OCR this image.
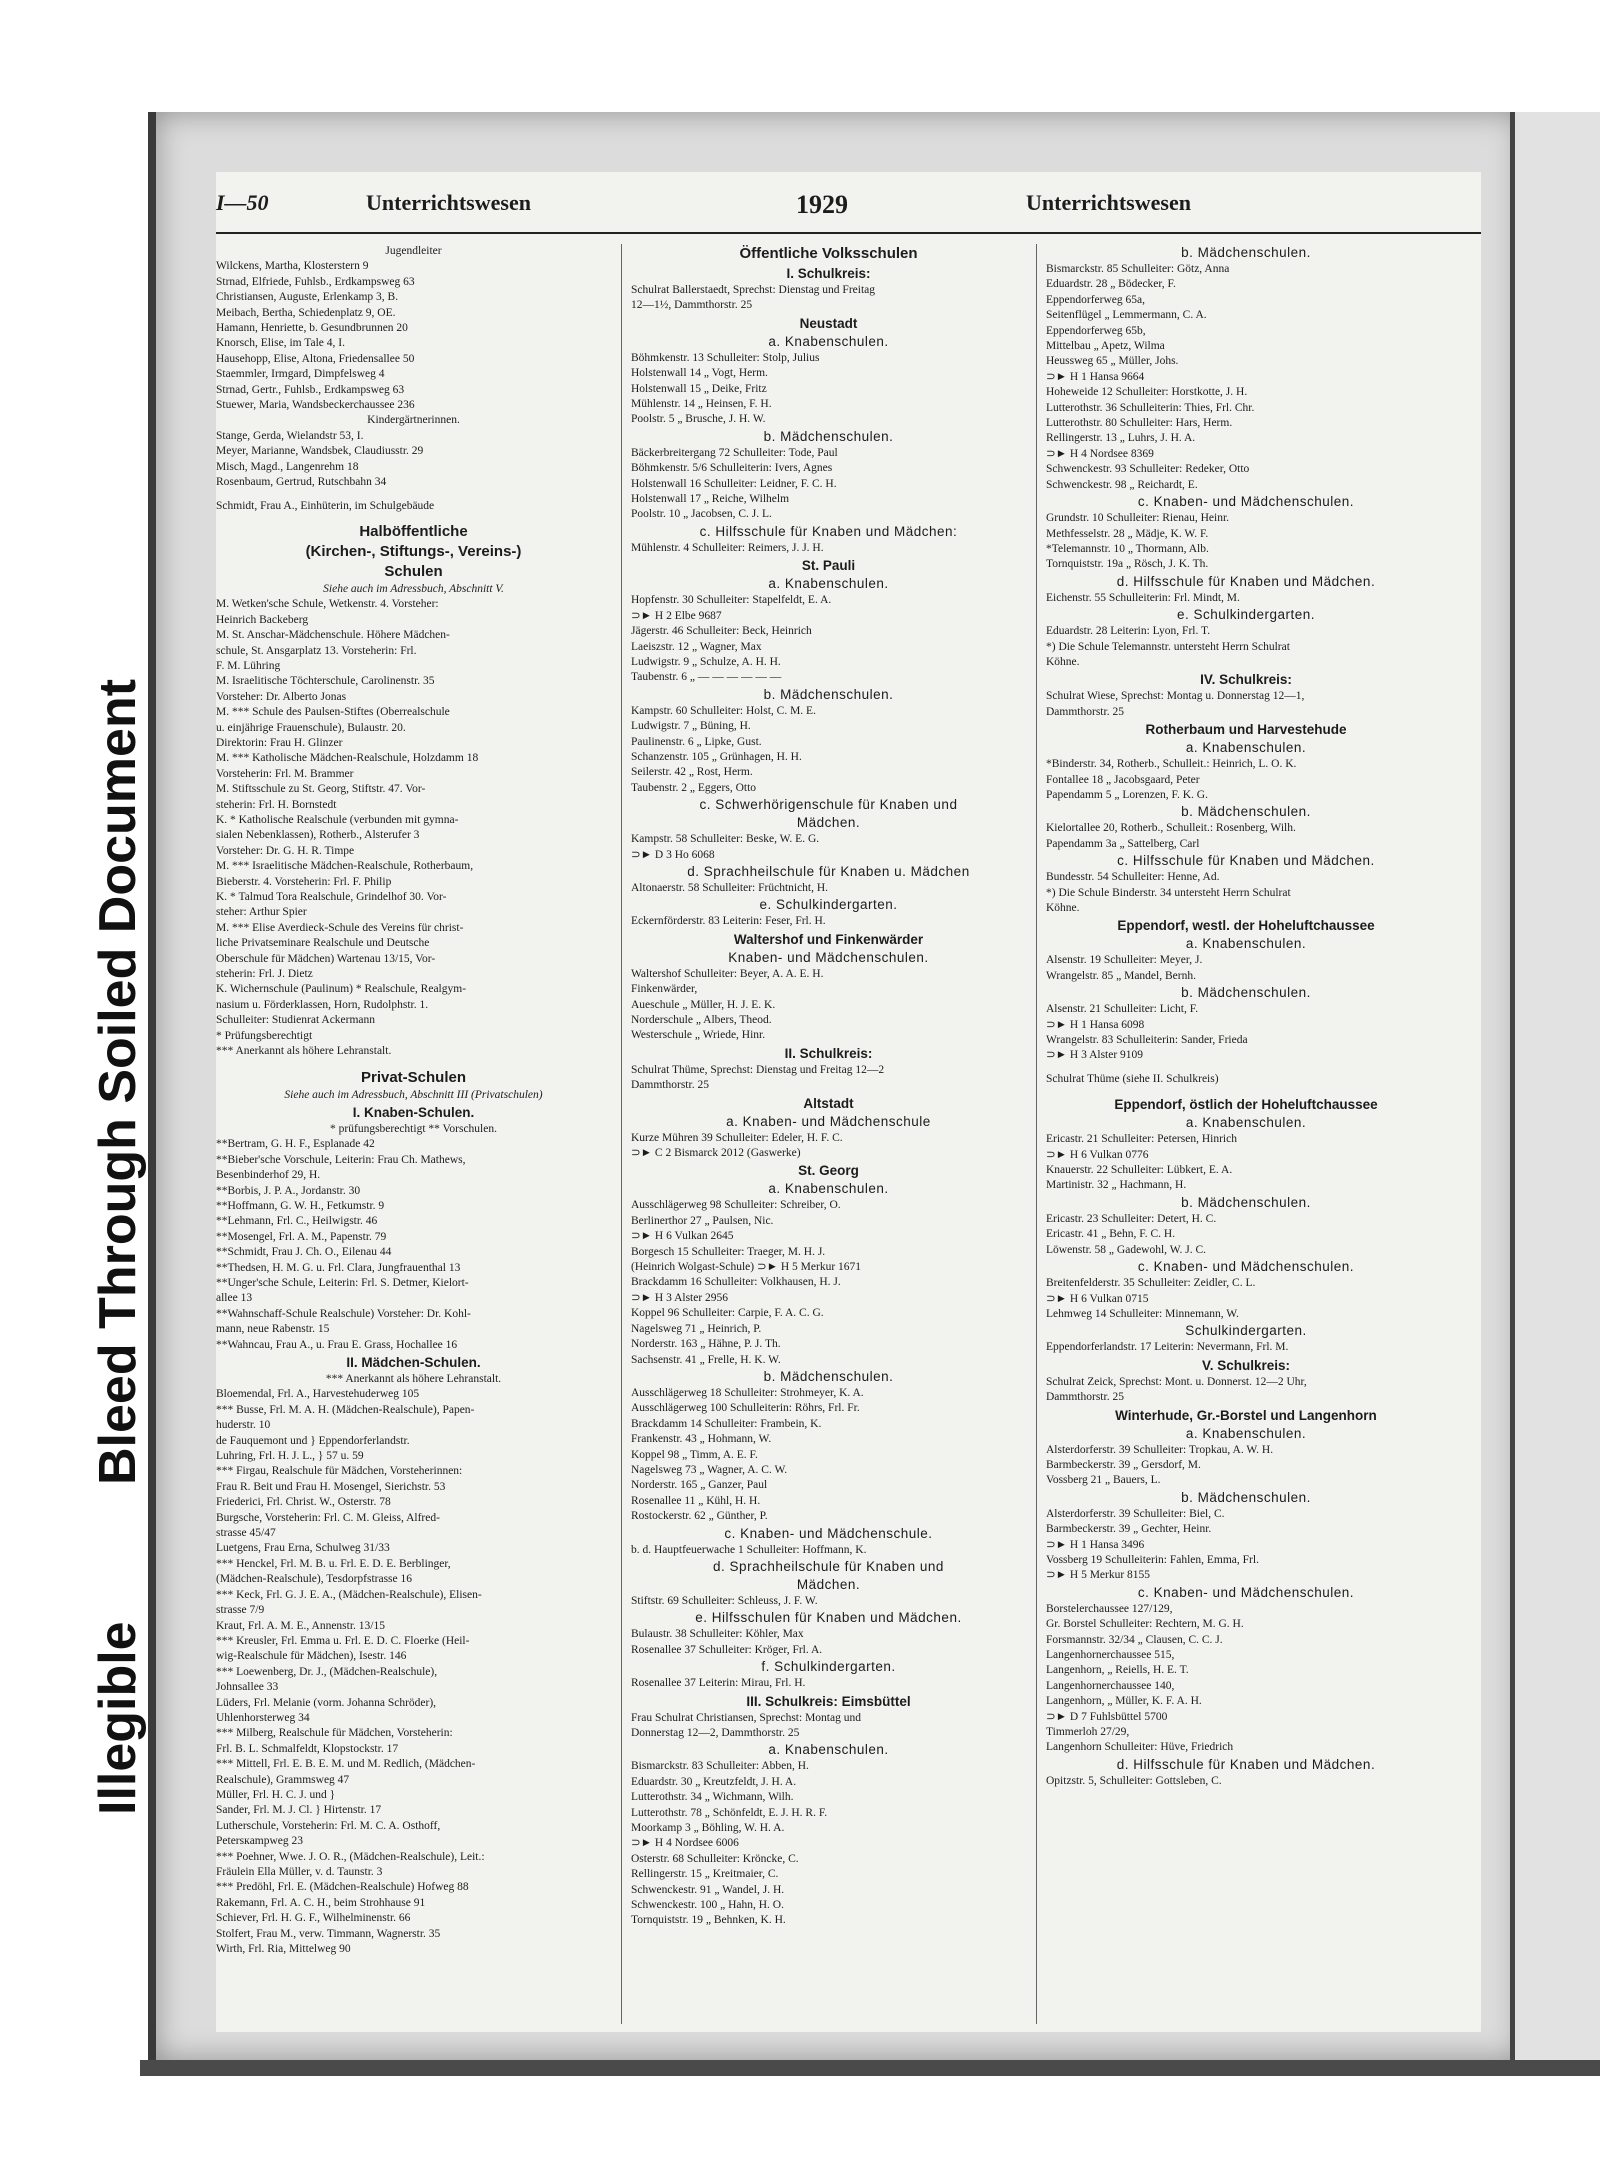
Illegible
Bleed Through Soiled Document
I—50	Unterrichtswesen	1929	Unterrichtswesen
Jugendleiter
Wilckens, Martha, Klosterstern 9
Strnad, Elfriede, Fuhlsb., Erdkampsweg 63
Christiansen, Auguste, Erlenkamp 3, B.
Meibach, Bertha, Schiedenplatz 9, OE.
Hamann, Henriette, b. Gesundbrunnen 20
Knorsch, Elise, im Tale 4, I.
Hausehopp, Elise, Altona, Friedensallee 50
Staemmler, Irmgard, Dimpfelsweg 4
Strnad, Gertr., Fuhlsb., Erdkampsweg 63
Stuewer, Maria, Wandsbeckerchaussee 236
Kindergärtnerinnen.
Stange, Gerda, Wielandstr 53, I.
Meyer, Marianne, Wandsbek, Claudiusstr. 29
Misch, Magd., Langenrehm 18
Rosenbaum, Gertrud, Rutschbahn 34
Schmidt, Frau A., Einhüterin, im Schulgebäude
Halböffentliche
(Kirchen-, Stiftungs-, Vereins-)
Schulen
Siehe auch im Adressbuch, Abschnitt V.
M. Wetken'sche Schule, Wetkenstr. 4. Vorsteher:
Heinrich Backeberg
M. St. Anschar-Mädchenschule. Höhere Mädchen-
schule, St. Ansgarplatz 13. Vorsteherin: Frl.
F. M. Lühring
M. Israelitische Töchterschule, Carolinenstr. 35
Vorsteher: Dr. Alberto Jonas
M. *** Schule des Paulsen-Stiftes (Oberrealschule
u. einjährige Frauenschule), Bulaustr. 20.
Direktorin: Frau H. Glinzer
M. *** Katholische Mädchen-Realschule, Holzdamm 18
Vorsteherin: Frl. M. Brammer
M. Stiftsschule zu St. Georg, Stiftstr. 47. Vor-
steherin: Frl. H. Bornstedt
K. * Katholische Realschule (verbunden mit gymna-
sialen Nebenklassen), Rotherb., Alsterufer 3
Vorsteher: Dr. G. H. R. Timpe
M. *** Israelitische Mädchen-Realschule, Rotherbaum,
Bieberstr. 4. Vorsteherin: Frl. F. Philip
K. * Talmud Tora Realschule, Grindelhof 30. Vor-
steher: Arthur Spier
M. *** Elise Averdieck-Schule des Vereins für christ-
liche Privatseminare Realschule und Deutsche
Oberschule für Mädchen) Wartenau 13/15, Vor-
steherin: Frl. J. Dietz
K. Wichernschule (Paulinum) * Realschule, Realgym-
nasium u. Förderklassen, Horn, Rudolphstr. 1.
Schulleiter: Studienrat Ackermann
* Prüfungsberechtigt
*** Anerkannt als höhere Lehranstalt.
Privat-Schulen
Siehe auch im Adressbuch, Abschnitt III (Privatschulen)
I. Knaben-Schulen.
* prüfungsberechtigt ** Vorschulen.
**Bertram, G. H. F., Esplanade 42
**Bieber'sche Vorschule, Leiterin: Frau Ch. Mathews,
Besenbinderhof 29, H.
**Borbis, J. P. A., Jordanstr. 30
**Hoffmann, G. W. H., Fetkumstr. 9
**Lehmann, Frl. C., Heilwigstr. 46
**Mosengel, Frl. A. M., Papenstr. 79
**Schmidt, Frau J. Ch. O., Eilenau 44
**Thedsen, H. M. G. u. Frl. Clara, Jungfrauenthal 13
**Unger'sche Schule, Leiterin: Frl. S. Detmer, Kielort-
allee 13
**Wahnschaff-Schule Realschule) Vorsteher: Dr. Kohl-
mann, neue Rabenstr. 15
**Wahncau, Frau A., u. Frau E. Grass, Hochallee 16
II. Mädchen-Schulen.
*** Anerkannt als höhere Lehranstalt.
Bloemendal, Frl. A., Harvestehuderweg 105
*** Busse, Frl. M. A. H. (Mädchen-Realschule), Papen-
huderstr. 10
de Fauquemont und } Eppendorferlandstr.
Luhring, Frl. H. J. L., } 57 u. 59
*** Firgau, Realschule für Mädchen, Vorsteherinnen:
Frau R. Beit und Frau H. Mosengel, Sierichstr. 53
Friederici, Frl. Christ. W., Osterstr. 78
Burgsche, Vorsteherin: Frl. C. M. Gleiss, Alfred-
strasse 45/47
Luetgens, Frau Erna, Schulweg 31/33
*** Henckel, Frl. M. B. u. Frl. E. D. E. Berblinger,
(Mädchen-Realschule), Tesdorpfstrasse 16
*** Keck, Frl. G. J. E. A., (Mädchen-Realschule), Elisen-
strasse 7/9
Kraut, Frl. A. M. E., Annenstr. 13/15
*** Kreusler, Frl. Emma u. Frl. E. D. C. Floerke (Heil-
wig-Realschule für Mädchen), Isestr. 146
*** Loewenberg, Dr. J., (Mädchen-Realschule),
Johnsallee 33
Lüders, Frl. Melanie (vorm. Johanna Schröder),
Uhlenhorsterweg 34
*** Milberg, Realschule für Mädchen, Vorsteherin:
Frl. B. L. Schmalfeldt, Klopstockstr. 17
*** Mittell, Frl. E. B. E. M. und M. Redlich, (Mädchen-
Realschule), Grammsweg 47
Müller, Frl. H. C. J. und }
Sander, Frl. M. J. Cl. } Hirtenstr. 17
Lutherschule, Vorsteherin: Frl. M. C. A. Osthoff,
Petersкampweg 23
*** Poehner, Wwe. J. O. R., (Mädchen-Realschule), Leit.:
Fräulein Ella Müller, v. d. Taunstr. 3
*** Predöhl, Frl. E. (Mädchen-Realschule) Hofweg 88
Rakemann, Frl. A. C. H., beim Strohhause 91
Schiever, Frl. H. G. F., Wilhelminenstr. 66
Stolfert, Frau M., verw. Timmann, Wagnerstr. 35
Wirth, Frl. Ria, Mittelweg 90
Öffentliche Volksschulen
I. Schulkreis:
Schulrat Ballerstaedt, Sprechst: Dienstag und Freitag
12—1½, Dammthorstr. 25
Neustadt
a. Knabenschulen.
Böhmkenstr. 13 Schulleiter: Stolp, Julius
Holstenwall 14 „ Vogt, Herm.
Holstenwall 15 „ Deike, Fritz
Mühlenstr. 14 „ Heinsen, F. H.
Poolstr. 5 „ Brusche, J. H. W.
b. Mädchenschulen.
Bäckerbreitergang 72 Schulleiter: Tode, Paul
Böhmkenstr. 5/6 Schulleiterin: Ivers, Agnes
Holstenwall 16 Schulleiter: Leidner, F. C. H.
Holstenwall 17 „ Reiche, Wilhelm
Poolstr. 10 „ Jacobsen, C. J. L.
c. Hilfsschule für Knaben und Mädchen:
Mühlenstr. 4 Schulleiter: Reimers, J. J. H.
St. Pauli
a. Knabenschulen.
Hopfenstr. 30 Schulleiter: Stapelfeldt, E. A.
⊃► H 2 Elbe 9687
Jägerstr. 46 Schulleiter: Beck, Heinrich
Laeiszstr. 12 „ Wagner, Max
Ludwigstr. 9 „ Schulze, A. H. H.
Taubenstr. 6 „ — — — — — —
b. Mädchenschulen.
Kampstr. 60 Schulleiter: Holst, C. M. E.
Ludwigstr. 7 „ Büning, H.
Paulinenstr. 6 „ Lipke, Gust.
Schanzenstr. 105 „ Grünhagen, H. H.
Seilerstr. 42 „ Rost, Herm.
Taubenstr. 2 „ Eggers, Otto
c. Schwerhörigenschule für Knaben und
Mädchen.
Kampstr. 58 Schulleiter: Beske, W. E. G.
⊃► D 3 Ho 6068
d. Sprachheilschule für Knaben u. Mädchen
Altonaerstr. 58 Schulleiter: Früchtnicht, H.
e. Schulkindergarten.
Eckernförderstr. 83 Leiterin: Feser, Frl. H.
Waltershof und Finkenwärder
Knaben- und Mädchenschulen.
Waltershof Schulleiter: Beyer, A. A. E. H.
Finkenwärder,
Aueschule „ Müller, H. J. E. K.
Norderschule „ Albers, Theod.
Westerschule „ Wriede, Hinr.
II. Schulkreis:
Schulrat Thüme, Sprechst: Dienstag und Freitag 12—2
Dammthorstr. 25
Altstadt
a. Knaben- und Mädchenschule
Kurze Mühren 39 Schulleiter: Edeler, H. F. C.
⊃► C 2 Bismarck 2012 (Gaswerke)
St. Georg
a. Knabenschulen.
Ausschlägerweg 98 Schulleiter: Schreiber, O.
Berlinerthor 27 „ Paulsen, Nic.
⊃► H 6 Vulkan 2645
Borgesch 15 Schulleiter: Traeger, M. H. J.
(Heinrich Wolgast-Schule) ⊃► H 5 Merkur 1671
Brackdamm 16 Schulleiter: Volkhausen, H. J.
⊃► H 3 Alster 2956
Koppel 96 Schulleiter: Carpie, F. A. C. G.
Nagelsweg 71 „ Heinrich, P.
Norderstr. 163 „ Hähne, P. J. Th.
Sachsenstr. 41 „ Frelle, H. K. W.
b. Mädchenschulen.
Ausschlägerweg 18 Schulleiter: Strohmeyer, K. A.
Ausschlägerweg 100 Schulleiterin: Röhrs, Frl. Fr.
Brackdamm 14 Schulleiter: Frambein, K.
Frankenstr. 43 „ Hohmann, W.
Koppel 98 „ Timm, A. E. F.
Nagelsweg 73 „ Wagner, A. C. W.
Norderstr. 165 „ Ganzer, Paul
Rosenallee 11 „ Kühl, H. H.
Rostockerstr. 62 „ Günther, P.
c. Knaben- und Mädchenschule.
b. d. Hauptfeuerwache 1 Schulleiter: Hoffmann, K.
d. Sprachheilschule für Knaben und
Mädchen.
Stiftstr. 69 Schulleiter: Schleuss, J. F. W.
e. Hilfsschulen für Knaben und Mädchen.
Bulaustr. 38 Schulleiter: Köhler, Max
Rosenallee 37 Schulleiter: Kröger, Frl. A.
f. Schulkindergarten.
Rosenallee 37 Leiterin: Mirau, Frl. H.
III. Schulkreis: Eimsbüttel
Frau Schulrat Christiansen, Sprechst: Montag und
Donnerstag 12—2, Dammthorstr. 25
a. Knabenschulen.
Bismarckstr. 83 Schulleiter: Abben, H.
Eduardstr. 30 „ Kreutzfeldt, J. H. A.
Lutterothstr. 34 „ Wichmann, Wilh.
Lutterothstr. 78 „ Schönfeldt, E. J. H. R. F.
Moorkamp 3 „ Böhling, W. H. A.
⊃► H 4 Nordsee 6006
Osterstr. 68 Schulleiter: Kröncke, C.
Rellingerstr. 15 „ Kreitmaier, C.
Schwenckestr. 91 „ Wandel, J. H.
Schwenckestr. 100 „ Hahn, H. O.
Tornquiststr. 19 „ Behnken, K. H.
b. Mädchenschulen.
Bismarckstr. 85 Schulleiter: Götz, Anna
Eduardstr. 28 „ Bödecker, F.
Eppendorferweg 65a,
Seitenflügel „ Lemmermann, C. A.
Eppendorferweg 65b,
Mittelbau „ Apetz, Wilma
Heussweg 65 „ Müller, Johs.
⊃► H 1 Hansa 9664
Hoheweide 12 Schulleiter: Horstkotte, J. H.
Lutterothstr. 36 Schulleiterin: Thies, Frl. Chr.
Lutterothstr. 80 Schulleiter: Hars, Herm.
Rellingerstr. 13 „ Luhrs, J. H. A.
⊃► H 4 Nordsee 8369
Schwenckestr. 93 Schulleiter: Redeker, Otto
Schwenckestr. 98 „ Reichardt, E.
c. Knaben- und Mädchenschulen.
Grundstr. 10 Schulleiter: Rienau, Heinr.
Methfesselstr. 28 „ Mädje, K. W. F.
*Telemannstr. 10 „ Thormann, Alb.
Tornquiststr. 19a „ Rösch, J. K. Th.
d. Hilfsschule für Knaben und Mädchen.
Eichenstr. 55 Schulleiterin: Frl. Mindt, M.
e. Schulkindergarten.
Eduardstr. 28 Leiterin: Lyon, Frl. T.
*) Die Schule Telemannstr. untersteht Herrn Schulrat
Köhne.
IV. Schulkreis:
Schulrat Wiese, Sprechst: Montag u. Donnerstag 12—1,
Dammthorstr. 25
Rotherbaum und Harvestehude
a. Knabenschulen.
*Binderstr. 34, Rotherb., Schulleit.: Heinrich, L. O. K.
Fontallee 18 „ Jacobsgaard, Peter
Papendamm 5 „ Lorenzen, F. K. G.
b. Mädchenschulen.
Kielortallee 20, Rotherb., Schulleit.: Rosenberg, Wilh.
Papendamm 3a „ Sattelberg, Carl
c. Hilfsschule für Knaben und Mädchen.
Bundesstr. 54 Schulleiter: Henne, Ad.
*) Die Schule Binderstr. 34 untersteht Herrn Schulrat
Köhne.
Eppendorf, westl. der Hoheluftchaussee
a. Knabenschulen.
Alsenstr. 19 Schulleiter: Meyer, J.
Wrangelstr. 85 „ Mandel, Bernh.
b. Mädchenschulen.
Alsenstr. 21 Schulleiter: Licht, F.
⊃► H 1 Hansa 6098
Wrangelstr. 83 Schulleiterin: Sander, Frieda
⊃► H 3 Alster 9109
Schulrat Thüme (siehe II. Schulkreis)
Eppendorf, östlich der Hoheluftchaussee
a. Knabenschulen.
Ericastr. 21 Schulleiter: Petersen, Hinrich
⊃► H 6 Vulkan 0776
Knauerstr. 22 Schulleiter: Lübkert, E. A.
Martinistr. 32 „ Hachmann, H.
b. Mädchenschulen.
Ericastr. 23 Schulleiter: Detert, H. C.
Ericastr. 41 „ Behn, F. C. H.
Löwenstr. 58 „ Gadewohl, W. J. C.
c. Knaben- und Mädchenschulen.
Breitenfelderstr. 35 Schulleiter: Zeidler, C. L.
⊃► H 6 Vulkan 0715
Lehmweg 14 Schulleiter: Minnemann, W.
Schulkindergarten.
Eppendorferlandstr. 17 Leiterin: Nevermann, Frl. M.
V. Schulkreis:
Schulrat Zeick, Sprechst: Mont. u. Donnerst. 12—2 Uhr,
Dammthorstr. 25
Winterhude, Gr.-Borstel und Langenhorn
a. Knabenschulen.
Alsterdorferstr. 39 Schulleiter: Tropkau, A. W. H.
Barmbeckerstr. 39 „ Gersdorf, M.
Vossberg 21 „ Bauers, L.
b. Mädchenschulen.
Alsterdorferstr. 39 Schulleiter: Biel, C.
Barmbeckerstr. 39 „ Gechter, Heinr.
⊃► H 1 Hansa 3496
Vossberg 19 Schulleiterin: Fahlen, Emma, Frl.
⊃► H 5 Merkur 8155
c. Knaben- und Mädchenschulen.
Borstelerchaussee 127/129,
Gr. Borstel Schulleiter: Rechtern, M. G. H.
Forsmannstr. 32/34 „ Clausen, C. C. J.
Langenhornerchaussee 515,
Langenhorn, „ Reiells, H. E. T.
Langenhornerchaussee 140,
Langenhorn, „ Müller, K. F. A. H.
⊃► D 7 Fuhlsbüttel 5700
Timmerloh 27/29,
Langenhorn Schulleiter: Hüve, Friedrich
d. Hilfsschule für Knaben und Mädchen.
Opitzstr. 5, Schulleiter: Gottsleben, C.
